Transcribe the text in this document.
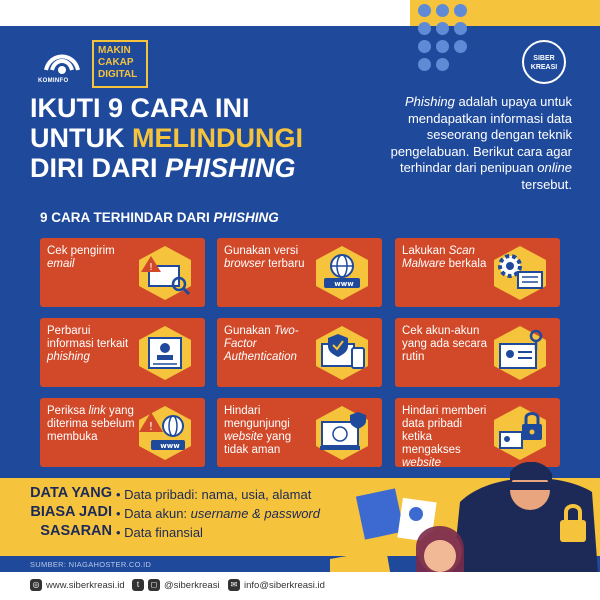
KOMINFO
MAKIN
CAKAP
DIGITAL
SIBER
KREASI
IKUTI 9 CARA INI
UNTUK MELINDUNGI
DIRI DARI PHISHING
Phishing adalah upaya untuk mendapatkan informasi data seseorang dengan teknik pengelabuan. Berikut cara agar terhindar dari penipuan online tersebut.
9 CARA TERHINDAR DARI PHISHING
Cek pengirim email	!
Gunakan versi browser terbaru
www
Lakukan Scan Malware berkala
Perbarui informasi terkait phishing
Gunakan Two-Factor Authentication
Cek akun-akun yang ada secara rutin
Periksa link yang diterima sebelum membuka
!
www
Hindari mengunjungi website yang tidak aman
Hindari memberi data pribadi ketika mengakses website
DATA YANG
BIASA JADI
SASARAN
• Data pribadi: nama, usia, alamat
• Data akun: username & password
• Data finansial
SUMBER: NIAGAHOSTER.CO.ID
◎ www.siberkreasi.id	t	◻ @siberkreasi	✉ info@siberkreasi.id
